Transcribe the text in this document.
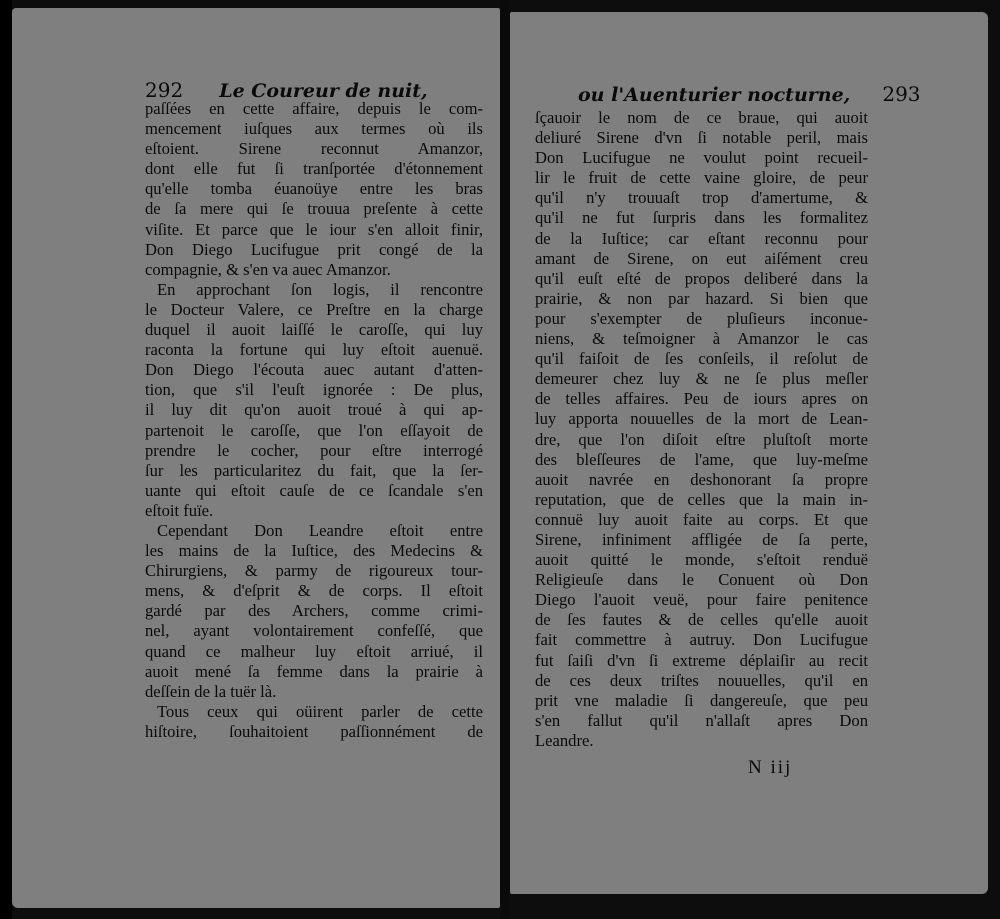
292 Le Coureur de nuit,
paſſées en cette affaire, depuis le com-
mencement iuſques aux termes où ils
eſtoient. Sirene reconnut Amanzor,
dont elle fut ſi tranſportée d'étonnement
qu'elle tomba éuanoüye entre les bras
de ſa mere qui ſe trouua preſente à cette
viſite. Et parce que le iour s'en alloit finir,
Don Diego Lucifugue prit congé de la
compagnie, & s'en va auec Amanzor.
En approchant ſon logis, il rencontre
le Docteur Valere, ce Preſtre en la charge
duquel il auoit laiſſé le caroſſe, qui luy
raconta la fortune qui luy eſtoit auenuë.
Don Diego l'écouta auec autant d'atten-
tion, que s'il l'euſt ignorée : De plus,
il luy dit qu'on auoit troué à qui ap-
partenoit le caroſſe, que l'on eſſayoit de
prendre le cocher, pour eſtre interrogé
ſur les particularitez du fait, que la ſer-
uante qui eſtoit cauſe de ce ſcandale s'en
eſtoit fuïe.
Cependant Don Leandre eſtoit entre
les mains de la Iuſtice, des Medecins &
Chirurgiens, & parmy de rigoureux tour-
mens, & d'eſprit & de corps. Il eſtoit
gardé par des Archers, comme crimi-
nel, ayant volontairement confeſſé, que
quand ce malheur luy eſtoit arriué, il
auoit mené ſa femme dans la prairie à
deſſein de la tuër là.
Tous ceux qui oüirent parler de cette
hiſtoire, ſouhaitoient paſſionnément de
ou l'Auenturier nocturne, 293
ſçauoir le nom de ce braue, qui auoit
deliuré Sirene d'vn ſi notable peril, mais
Don Lucifugue ne voulut point recueil-
lir le fruit de cette vaine gloire, de peur
qu'il n'y trouuaſt trop d'amertume, &
qu'il ne fut ſurpris dans les formalitez
de la Iuſtice; car eſtant reconnu pour
amant de Sirene, on eut aiſément creu
qu'il euſt eſté de propos deliberé dans la
prairie, & non par hazard. Si bien que
pour s'exempter de pluſieurs inconue-
niens, & teſmoigner à Amanzor le cas
qu'il faiſoit de ſes conſeils, il reſolut de
demeurer chez luy & ne ſe plus meſler
de telles affaires. Peu de iours apres on
luy apporta nouuelles de la mort de Lean-
dre, que l'on diſoit eſtre pluſtoſt morte
des bleſſeures de l'ame, que luy-meſme
auoit navrée en deshonorant ſa propre
reputation, que de celles que la main in-
connuë luy auoit faite au corps. Et que
Sirene, infiniment affligée de ſa perte,
auoit quitté le monde, s'eſtoit renduë
Religieuſe dans le Conuent où Don
Diego l'auoit veuë, pour faire penitence
de ſes fautes & de celles qu'elle auoit
fait commettre à autruy. Don Lucifugue
fut ſaiſi d'vn ſi extreme déplaiſir au recit
de ces deux triſtes nouuelles, qu'il en
prit vne maladie ſi dangereuſe, que peu
s'en fallut qu'il n'allaſt apres Don
Leandre.
N iij
